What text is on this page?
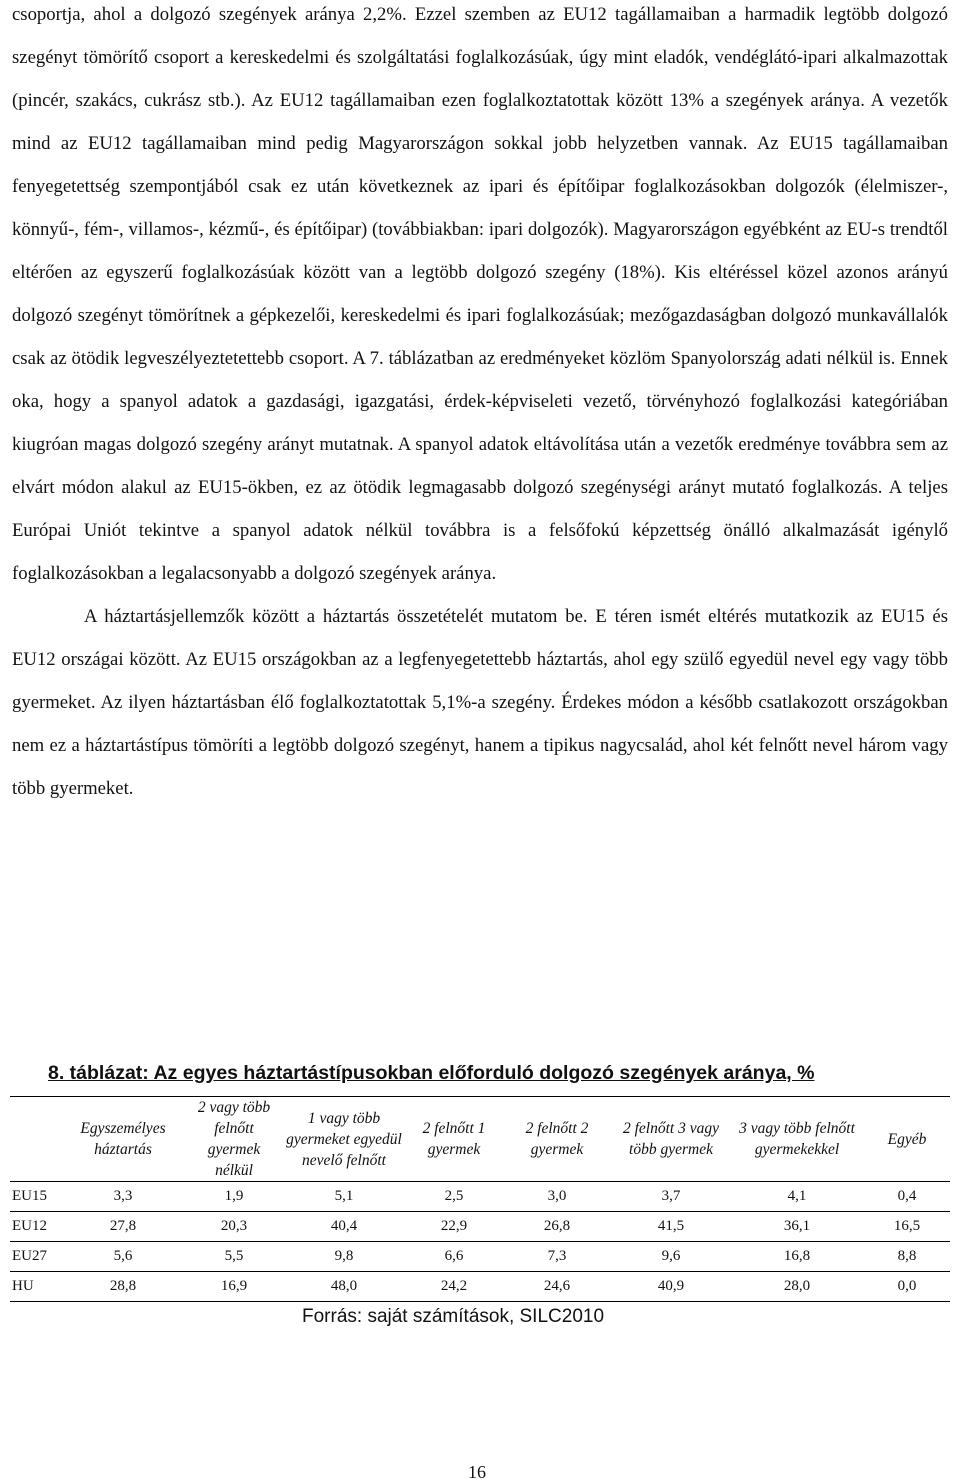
csoportja, ahol a dolgozó szegények aránya 2,2%. Ezzel szemben az EU12 tagállamaiban a harmadik legtöbb dolgozó szegényt tömörítő csoport a kereskedelmi és szolgáltatási foglalkozásúak, úgy mint eladók, vendéglátó-ipari alkalmazottak (pincér, szakács, cukrász stb.). Az EU12 tagállamaiban ezen foglalkoztatottak között 13% a szegények aránya. A vezetők mind az EU12 tagállamaiban mind pedig Magyarországon sokkal jobb helyzetben vannak. Az EU15 tagállamaiban fenyegetettség szempontjából csak ez után következnek az ipari és építőipar foglalkozásokban dolgozók (élelmiszer-, könnyű-, fém-, villamos-, kézmű-, és építőipar) (továbbiakban: ipari dolgozók). Magyarországon egyébként az EU-s trendtől eltérően az egyszerű foglalkozásúak között van a legtöbb dolgozó szegény (18%). Kis eltéréssel közel azonos arányú dolgozó szegényt tömörítnek a gépkezelői, kereskedelmi és ipari foglalkozásúak; mezőgazdaságban dolgozó munkavállalók csak az ötödik legveszélyeztetettebb csoport. A 7. táblázatban az eredményeket közlöm Spanyolország adati nélkül is. Ennek oka, hogy a spanyol adatok a gazdasági, igazgatási, érdek-képviseleti vezető, törvényhozó foglalkozási kategóriában kiugróan magas dolgozó szegény arányt mutatnak. A spanyol adatok eltávolítása után a vezetők eredménye továbbra sem az elvárt módon alakul az EU15-ökben, ez az ötödik legmagasabb dolgozó szegénységi arányt mutató foglalkozás. A teljes Európai Uniót tekintve a spanyol adatok nélkül továbbra is a felsőfokú képzettség önálló alkalmazását igénylő foglalkozásokban a legalacsonyabb a dolgozó szegények aránya.

A háztartásjellemzők között a háztartás összetételét mutatom be. E téren ismét eltérés mutatkozik az EU15 és EU12 országai között. Az EU15 országokban az a legfenyegetettebb háztartás, ahol egy szülő egyedül nevel egy vagy több gyermeket. Az ilyen háztartásban élő foglalkoztatottak 5,1%-a szegény. Érdekes módon a később csatlakozott országokban nem ez a háztartástípus tömöríti a legtöbb dolgozó szegényt, hanem a tipikus nagycsalád, ahol két felnőtt nevel három vagy több gyermeket.

8. táblázat: Az egyes háztartástípusokban előforduló dolgozó szegények aránya, %
	Egyszemélyes háztartás	2 vagy több felnőtt gyermek nélkül	1 vagy több gyermeket egyedül nevelő felnőtt	2 felnőtt 1 gyermek	2 felnőtt 2 gyermek	2 felnőtt 3 vagy több gyermek	3 vagy több felnőtt gyermekekkel	Egyéb
EU15	3,3	1,9	5,1	2,5	3,0	3,7	4,1	0,4
EU12	27,8	20,3	40,4	22,9	26,8	41,5	36,1	16,5
EU27	5,6	5,5	9,8	6,6	7,3	9,6	16,8	8,8
HU	28,8	16,9	48,0	24,2	24,6	40,9	28,0	0,0
Forrás: saját számítások, SILC2010
16
